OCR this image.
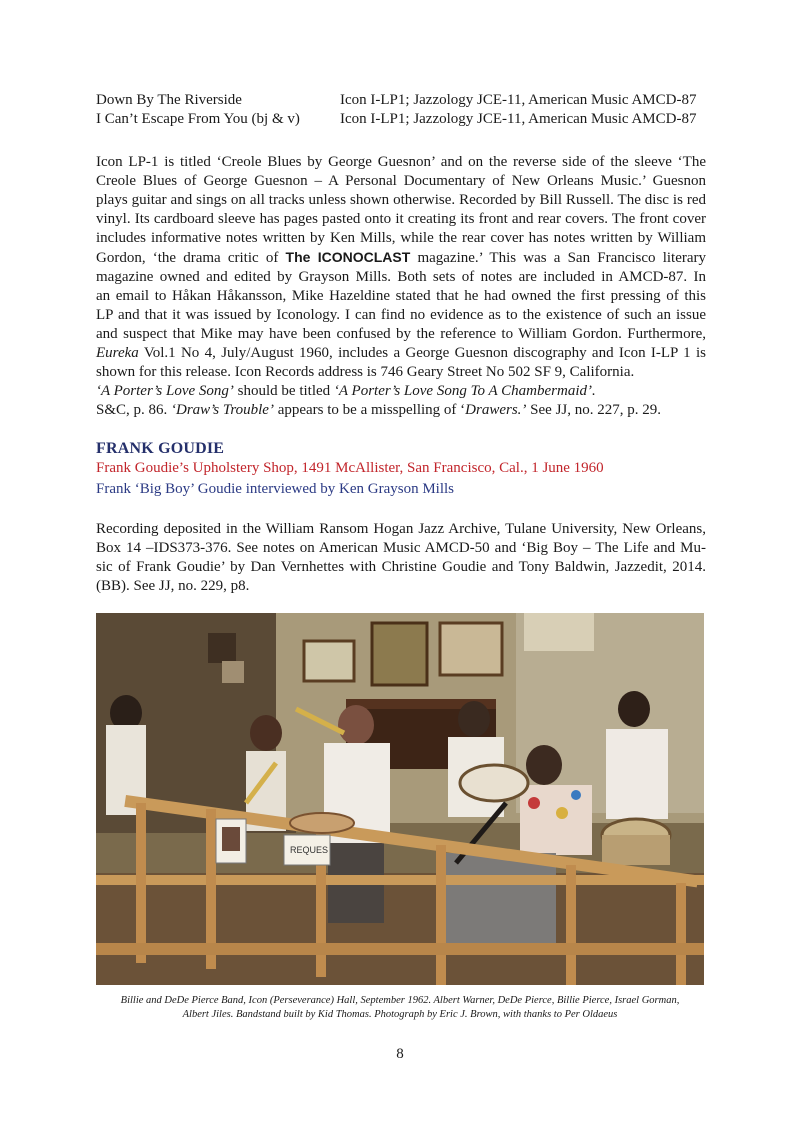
Down By The Riverside	Icon I-LP1; Jazzology JCE-11, American Music AMCD-87
I Can’t Escape From You (bj & v)	Icon I-LP1; Jazzology JCE-11, American Music AMCD-87
Icon LP-1 is titled ‘Creole Blues by George Guesnon’ and on the reverse side of the sleeve ‘The
Creole Blues of George Guesnon – A Personal Documentary of New Orleans Music.’ Guesnon
plays guitar and sings on all tracks unless shown otherwise. Recorded by Bill Russell. The disc is red
vinyl. Its cardboard sleeve has pages pasted onto it creating its front and rear covers. The front cover
includes informative notes written by Ken Mills, while the rear cover has notes written by William
Gordon, ‘the drama critic of The ICONOCLAST magazine.’ This was a San Francisco literary
magazine owned and edited by Grayson Mills. Both sets of notes are included in AMCD-87. In
an email to Håkan Håkansson, Mike Hazeldine stated that he had owned the first pressing of this
LP and that it was issued by Iconology. I can find no evidence as to the existence of such an issue
and suspect that Mike may have been confused by the reference to William Gordon. Furthermore,
Eureka Vol.1 No 4, July/August 1960, includes a George Guesnon discography and Icon I-LP 1 is
shown for this release. Icon Records address is 746 Geary Street No 502 SF 9, California.
‘A Porter’s Love Song’ should be titled ‘A Porter’s Love Song To A Chambermaid’.
S&C, p. 86. ‘Draw’s Trouble’ appears to be a misspelling of ‘Drawers.’ See JJ, no. 227, p. 29.
FRANK GOUDIE
Frank Goudie’s Upholstery Shop, 1491 McAllister, San Francisco, Cal., 1 June 1960
Frank ‘Big Boy’ Goudie interviewed by Ken Grayson Mills
Recording deposited in the William Ransom Hogan Jazz Archive, Tulane University, New Orleans,
Box 14 –IDS373-376. See notes on American Music AMCD-50 and ‘Big Boy – The Life and Mu-
sic of Frank Goudie’ by Dan Vernhettes with Christine Goudie and Tony Baldwin, Jazzedit, 2014.
(BB). See JJ, no. 229, p8.
REQUES
Billie and DeDe Pierce Band, Icon (Perseverance) Hall, September 1962. Albert Warner, DeDe Pierce, Billie Pierce, Israel Gorman,
Albert Jiles. Bandstand built by Kid Thomas. Photograph by Eric J. Brown, with thanks to Per Oldaeus
8
